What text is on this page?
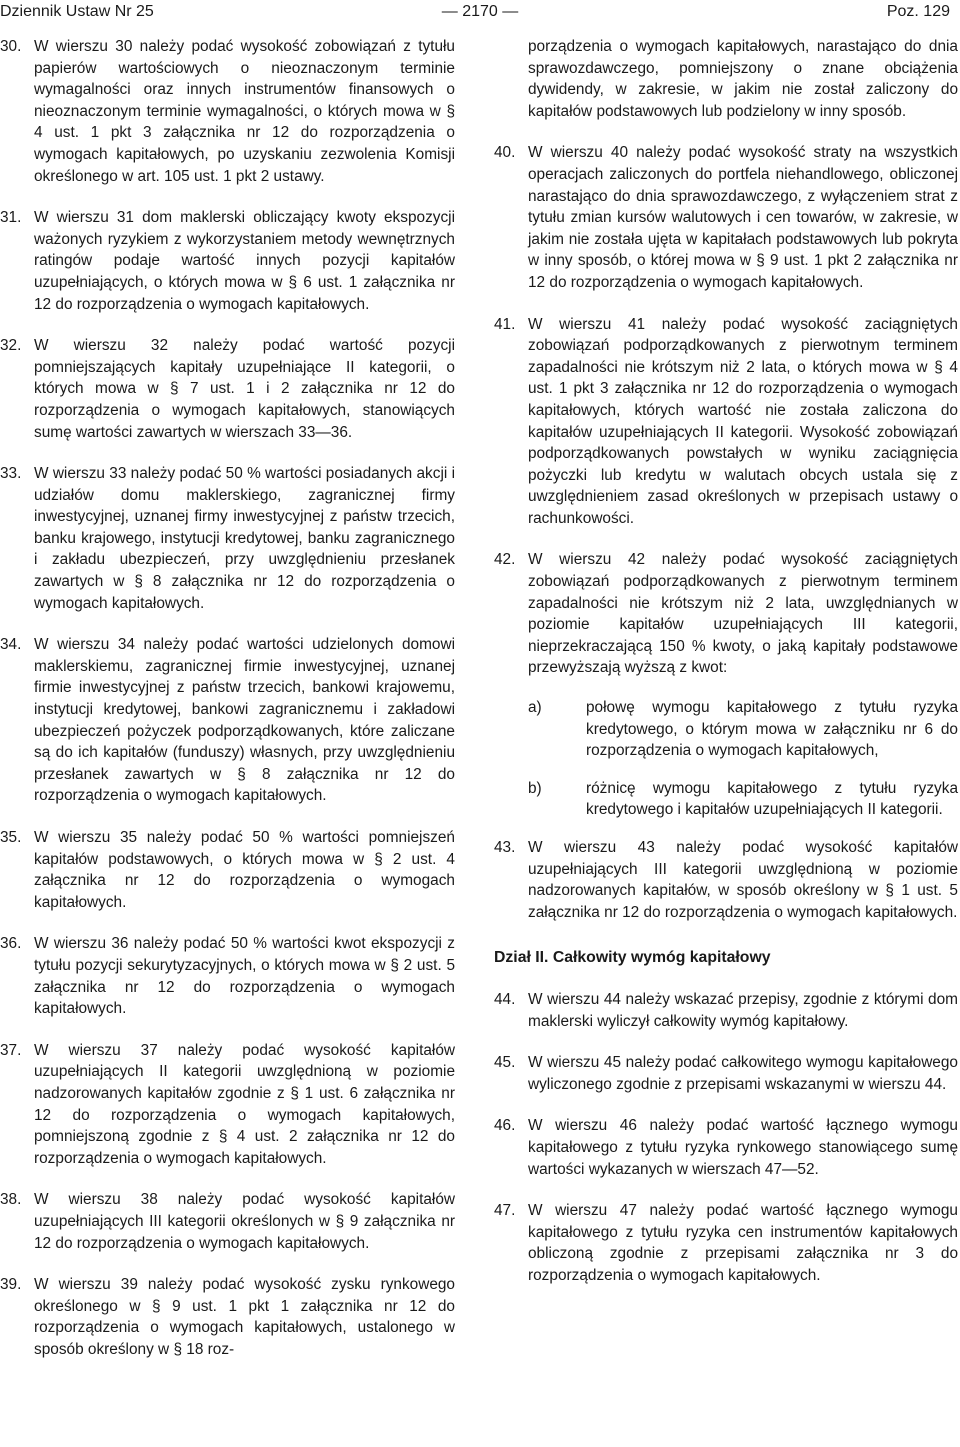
Dziennik Ustaw Nr 25	— 2170 —	Poz. 129

30. W wierszu 30 należy podać wysokość zobowiązań z tytułu papierów wartościowych o nieoznaczonym terminie wymagalności oraz innych instrumentów finansowych o nieoznaczonym terminie wymagalności, o których mowa w § 4 ust. 1 pkt 3 załącznika nr 12 do rozporządzenia o wymogach kapitałowych, po uzyskaniu zezwolenia Komisji określonego w art. 105 ust. 1 pkt 2 ustawy.

31. W wierszu 31 dom maklerski obliczający kwoty ekspozycji ważonych ryzykiem z wykorzystaniem metody wewnętrznych ratingów podaje wartość innych pozycji kapitałów uzupełniających, o których mowa w § 6 ust. 1 załącznika nr 12 do rozporządzenia o wymogach kapitałowych.

32. W wierszu 32 należy podać wartość pozycji pomniejszających kapitały uzupełniające II kategorii, o których mowa w § 7 ust. 1 i 2 załącznika nr 12 do rozporządzenia o wymogach kapitałowych, stanowiących sumę wartości zawartych w wierszach 33—36.

33. W wierszu 33 należy podać 50 % wartości posiadanych akcji i udziałów domu maklerskiego, zagranicznej firmy inwestycyjnej, uznanej firmy inwestycyjnej z państw trzecich, banku krajowego, instytucji kredytowej, banku zagranicznego i zakładu ubezpieczeń, przy uwzględnieniu przesłanek zawartych w § 8 załącznika nr 12 do rozporządzenia o wymogach kapitałowych.

34. W wierszu 34 należy podać wartości udzielonych domowi maklerskiemu, zagranicznej firmie inwestycyjnej, uznanej firmie inwestycyjnej z państw trzecich, bankowi krajowemu, instytucji kredytowej, bankowi zagranicznemu i zakładowi ubezpieczeń pożyczek podporządkowanych, które zaliczane są do ich kapitałów (funduszy) własnych, przy uwzględnieniu przesłanek zawartych w § 8 załącznika nr 12 do rozporządzenia o wymogach kapitałowych.

35. W wierszu 35 należy podać 50 % wartości pomniejszeń kapitałów podstawowych, o których mowa w § 2 ust. 4 załącznika nr 12 do rozporządzenia o wymogach kapitałowych.

36. W wierszu 36 należy podać 50 % wartości kwot ekspozycji z tytułu pozycji sekurytyzacyjnych, o których mowa w § 2 ust. 5 załącznika nr 12 do rozporządzenia o wymogach kapitałowych.

37. W wierszu 37 należy podać wysokość kapitałów uzupełniających II kategorii uwzględnioną w poziomie nadzorowanych kapitałów zgodnie z § 1 ust. 6 załącznika nr 12 do rozporządzenia o wymogach kapitałowych, pomniejszoną zgodnie z § 4 ust. 2 załącznika nr 12 do rozporządzenia o wymogach kapitałowych.

38. W wierszu 38 należy podać wysokość kapitałów uzupełniających III kategorii określonych w § 9 załącznika nr 12 do rozporządzenia o wymogach kapitałowych.

39. W wierszu 39 należy podać wysokość zysku rynkowego określonego w § 9 ust. 1 pkt 1 załącznika nr 12 do rozporządzenia o wymogach kapitałowych, ustalonego w sposób określony w § 18 roz-

porządzenia o wymogach kapitałowych, narastająco do dnia sprawozdawczego, pomniejszony o znane obciążenia dywidendy, w zakresie, w jakim nie został zaliczony do kapitałów podstawowych lub podzielony w inny sposób.

40. W wierszu 40 należy podać wysokość straty na wszystkich operacjach zaliczonych do portfela niehandlowego, obliczonej narastająco do dnia sprawozdawczego, z wyłączeniem strat z tytułu zmian kursów walutowych i cen towarów, w zakresie, w jakim nie została ujęta w kapitałach podstawowych lub pokryta w inny sposób, o której mowa w § 9 ust. 1 pkt 2 załącznika nr 12 do rozporządzenia o wymogach kapitałowych.

41. W wierszu 41 należy podać wysokość zaciągniętych zobowiązań podporządkowanych z pierwotnym terminem zapadalności nie krótszym niż 2 lata, o których mowa w § 4 ust. 1 pkt 3 załącznika nr 12 do rozporządzenia o wymogach kapitałowych, których wartość nie została zaliczona do kapitałów uzupełniających II kategorii. Wysokość zobowiązań podporządkowanych powstałych w wyniku zaciągnięcia pożyczki lub kredytu w walutach obcych ustala się z uwzględnieniem zasad określonych w przepisach ustawy o rachunkowości.

42. W wierszu 42 należy podać wysokość zaciągniętych zobowiązań podporządkowanych z pierwotnym terminem zapadalności nie krótszym niż 2 lata, uwzględnianych w poziomie kapitałów uzupełniających III kategorii, nieprzekraczającą 150 % kwoty, o jaką kapitały podstawowe przewyższają wyższą z kwot:

a)	połowę wymogu kapitałowego z tytułu ryzyka kredytowego, o którym mowa w załączniku nr 6 do rozporządzenia o wymogach kapitałowych,

b)	różnicę wymogu kapitałowego z tytułu ryzyka kredytowego i kapitałów uzupełniających II kategorii.

43. W wierszu 43 należy podać wysokość kapitałów uzupełniających III kategorii uwzględnioną w poziomie nadzorowanych kapitałów, w sposób określony w § 1 ust. 5 załącznika nr 12 do rozporządzenia o wymogach kapitałowych.

Dział II. Całkowity wymóg kapitałowy

44. W wierszu 44 należy wskazać przepisy, zgodnie z którymi dom maklerski wyliczył całkowity wymóg kapitałowy.

45. W wierszu 45 należy podać całkowitego wymogu kapitałowego wyliczonego zgodnie z przepisami wskazanymi w wierszu 44.

46. W wierszu 46 należy podać wartość łącznego wymogu kapitałowego z tytułu ryzyka rynkowego stanowiącego sumę wartości wykazanych w wierszach 47—52.

47. W wierszu 47 należy podać wartość łącznego wymogu kapitałowego z tytułu ryzyka cen instrumentów kapitałowych obliczoną zgodnie z przepisami załącznika nr 3 do rozporządzenia o wymogach kapitałowych.
